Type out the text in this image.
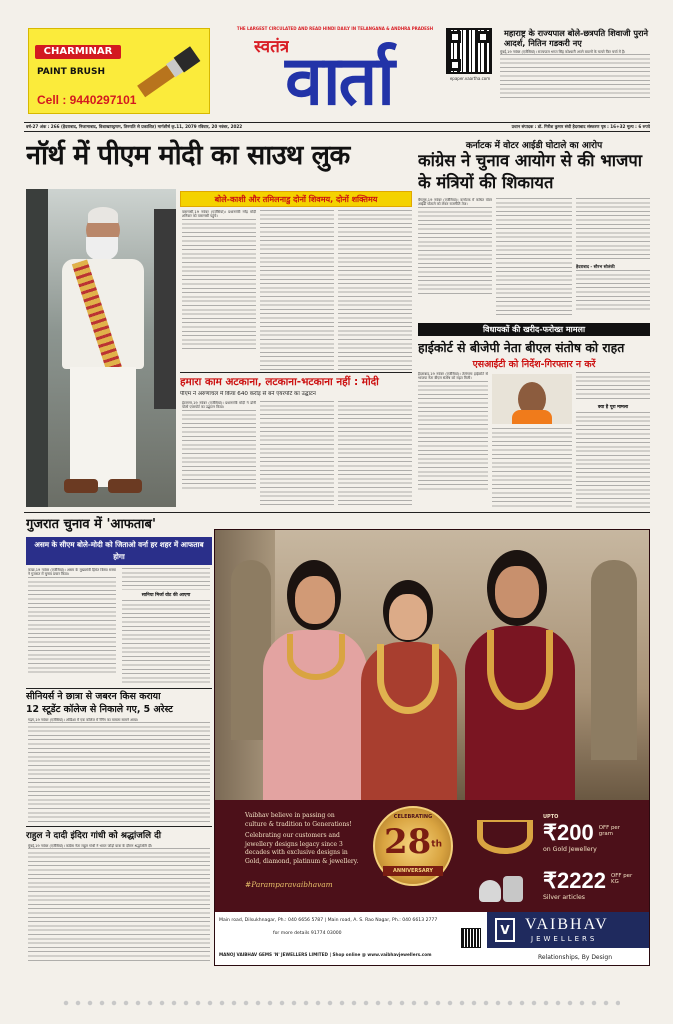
CHARMINAR
PAINT BRUSH
Cell : 9440297101
THE LARGEST CIRCULATED AND READ HINDI DAILY IN TELANGANA & ANDHRA PRADESH
स्वतंत्र
वार्ता	epaper.vaartha.com
महाराष्ट्र के राज्यपाल बोले-छत्रपति शिवाजी पुराने आदर्श, नितिन गडकरी नए
मुंबई,19 नवंबर (एजेंसियां)। राज्यपाल भगत सिंह कोश्यारी अपने बयानों के चलते फिर चर्चा में हैं।
वर्ष-27 अंक : 266 (हैदराबाद, निजामाबाद, विशाखापट्टणम, तिरुपति से प्रकाशित) मार्गशीर्ष कृ.11, 2079 रविवार, 20 नवंबर, 2022	प्रधान संपादक : डॉ. गिरीश कुमार संघी हैदराबाद संस्करण पृष्ठ : 16+32 मूल्य : 6 रुपये
नॉर्थ में पीएम मोदी का साउथ लुक
बोले-काशी और तमिलनाडु दोनों शिवमय, दोनों शक्तिमय
वाराणसी,19 नवंबर (एजेंसियां)। प्रधानमंत्री नरेंद्र मोदी शनिवार को वाराणसी पहुंचे।
हमारा काम अटकाना, लटकाना-भटकाना नहीं : मोदी
पीएम ने अरुणाचल में किया 640 करोड़ से बने एयरपोर्ट का उद्घाटन
ईटानगर,19 नवंबर (एजेंसियां)। प्रधानमंत्री मोदी ने डोनी पोलो एयरपोर्ट का उद्घाटन किया।
कर्नाटक में वोटर आईडी घोटाले का आरोप
कांग्रेस ने चुनाव आयोग से की भाजपा के मंत्रियों की शिकायत
बेंगलुरु,19 नवंबर (एजेंसियां)। कर्नाटक में कथित वोटर आईडी घोटाले को लेकर राजनीति तेज।
हैदराबाद - सौरभ सोलंकी
विधायकों की खरीद-फरोख्त मामला
हाईकोर्ट से बीजेपी नेता बीएल संतोष को राहत
एसआईटी को निर्देश-गिरफ्तार न करें
हैदराबाद,19 नवंबर (एजेंसियां)। तेलंगाना हाईकोर्ट से भाजपा नेता बीएल संतोष को राहत मिली।
क्या है पूरा मामला
गुजरात चुनाव में 'आफताब'
असम के सीएम बोले-मोदी को जिताओ वर्ना हर शहर में आफताब होगा
कच्छ,19 नवंबर (एजेंसियां)। असम के मुख्यमंत्री हिमंत बिस्वा सरमा ने गुजरात में चुनाव प्रचार किया।
सानिया मिर्जा वोट की आएगा
सीनियर्स ने छात्रा से जबरन किस कराया
12 स्टूडेंट कॉलेज से निकाले गए, 5 अरेस्ट
गढ़ग,19 नवंबर (एजेंसियां)। ओडिशा में एक कॉलेज में रैगिंग का मामला सामने आया।
राहुल ने दादी इंदिरा गांधी को श्रद्धांजलि दी
मुंबई,19 नवंबर (एजेंसियां)। कांग्रेस नेता राहुल गांधी ने भारत जोड़ो यात्रा के दौरान श्रद्धांजलि दी।
Vaibhav believe in passing on culture & tradition to Generations!
Celebrating our customers and jewellery designs legacy since 3 decades with exclusive designs in Gold, diamond, platinum & jewellery.
#Paramparavaibhavam
CELEBRATING
28th
ANNIVERSARY
UPTO
₹200 OFF per gram
on Gold Jewellery
₹2222 OFF per KG
Silver articles
Main road, Dilsukhnagar, Ph.: 040 6656 5787 | Main road, A. S. Rao Nagar, Ph.: 040 6613 2777
for more details 91774 03000
MANOJ VAIBHAV GEMS 'N' JEWELLERS LIMITED | Shop online @ www.vaibhavjewellers.com
V VAIBHAV
JEWELLERS
Relationships, By Design
